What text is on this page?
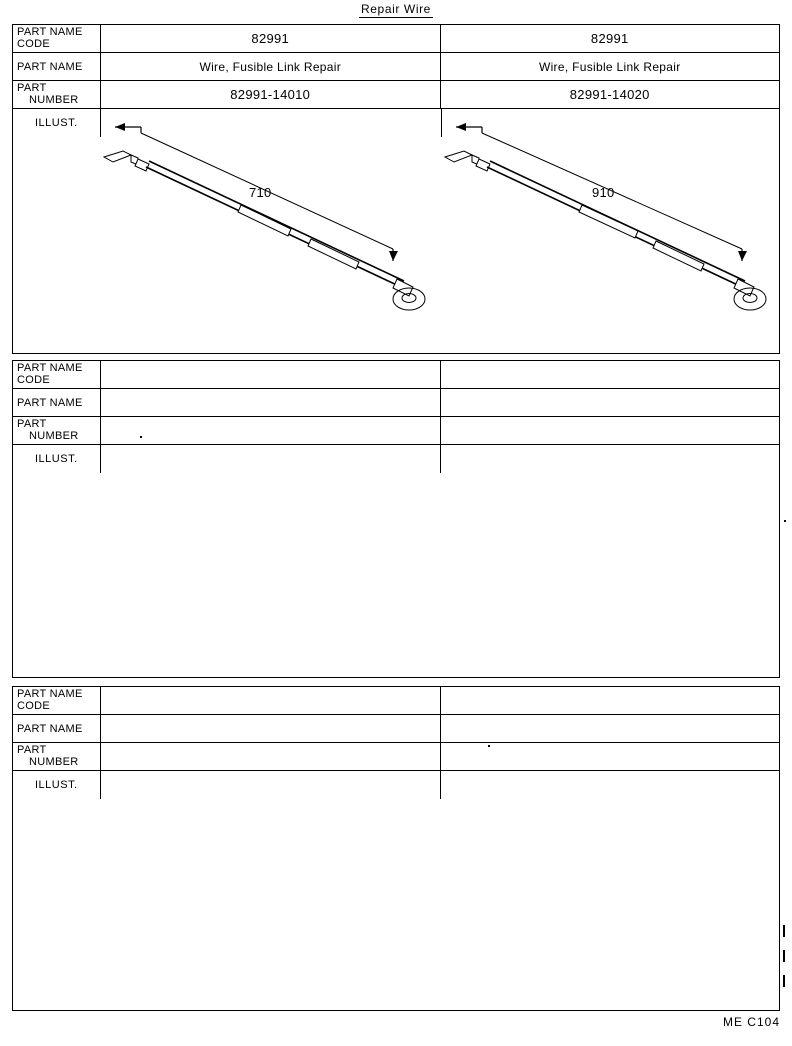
Repair Wire
PART NAME
CODE	82991	82991
PART NAME	Wire, Fusible Link Repair	Wire, Fusible Link Repair
PART
NUMBER	82991-14010	82991-14020
ILLUST.
710	910
PART NAME
CODE
PART NAME
PART
NUMBER
ILLUST.
PART NAME
CODE
PART NAME
PART
NUMBER
ILLUST.
ME C104
